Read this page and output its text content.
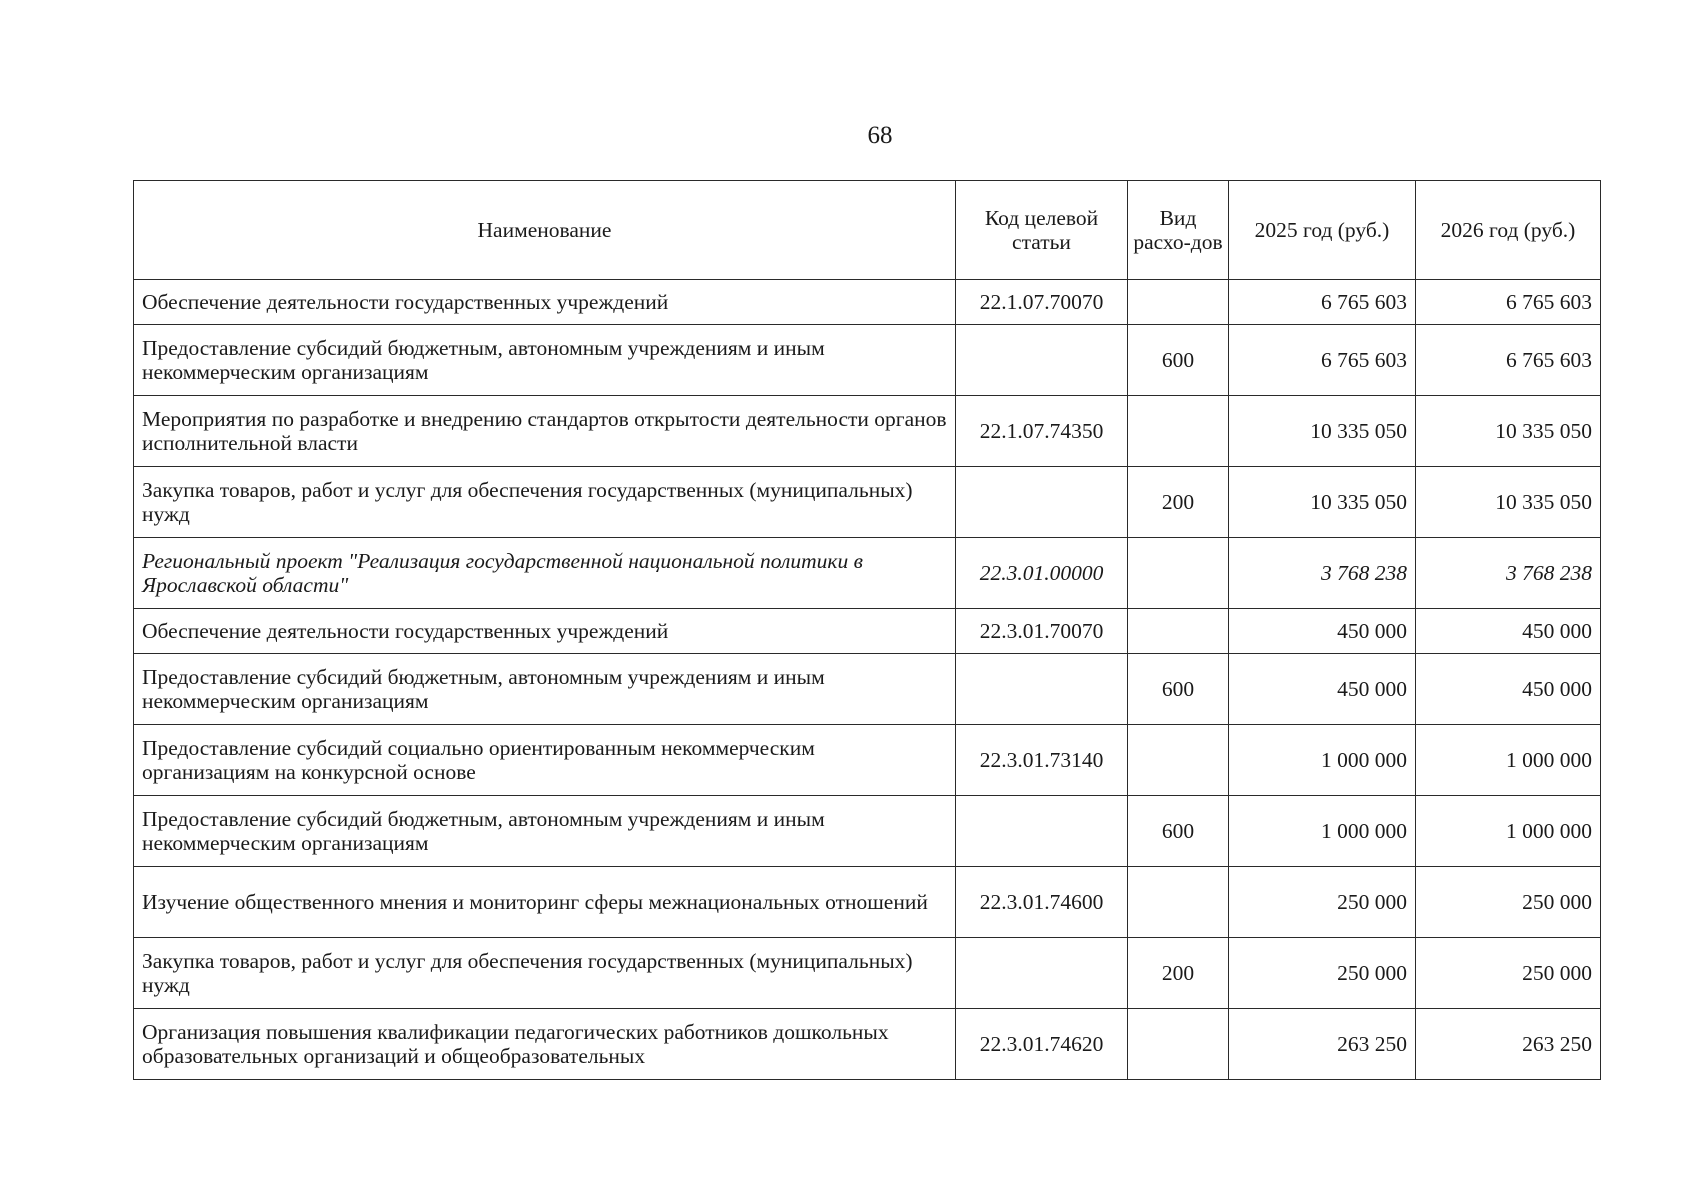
68
Наименование	Код целевой статьи	Вид расхо-дов	2025 год (руб.)	2026 год (руб.)
Обеспечение деятельности государственных учреждений	22.1.07.70070		6 765 603	6 765 603
Предоставление субсидий бюджетным, автономным учреждениям и иным некоммерческим организациям		600	6 765 603	6 765 603
Мероприятия по разработке и внедрению стандартов открытости деятельности органов исполнительной власти	22.1.07.74350		10 335 050	10 335 050
Закупка товаров, работ и услуг для обеспечения государственных (муниципальных) нужд		200	10 335 050	10 335 050
Региональный проект "Реализация государственной национальной политики в Ярославской области"	22.3.01.00000		3 768 238	3 768 238
Обеспечение деятельности государственных учреждений	22.3.01.70070		450 000	450 000
Предоставление субсидий бюджетным, автономным учреждениям и иным некоммерческим организациям		600	450 000	450 000
Предоставление субсидий социально ориентированным некоммерческим организациям на конкурсной основе	22.3.01.73140		1 000 000	1 000 000
Предоставление субсидий бюджетным, автономным учреждениям и иным некоммерческим организациям		600	1 000 000	1 000 000
Изучение общественного мнения и мониторинг сферы межнациональных отношений	22.3.01.74600		250 000	250 000
Закупка товаров, работ и услуг для обеспечения государственных (муниципальных) нужд		200	250 000	250 000
Организация повышения квалификации педагогических работников дошкольных образовательных организаций и общеобразовательных	22.3.01.74620		263 250	263 250
